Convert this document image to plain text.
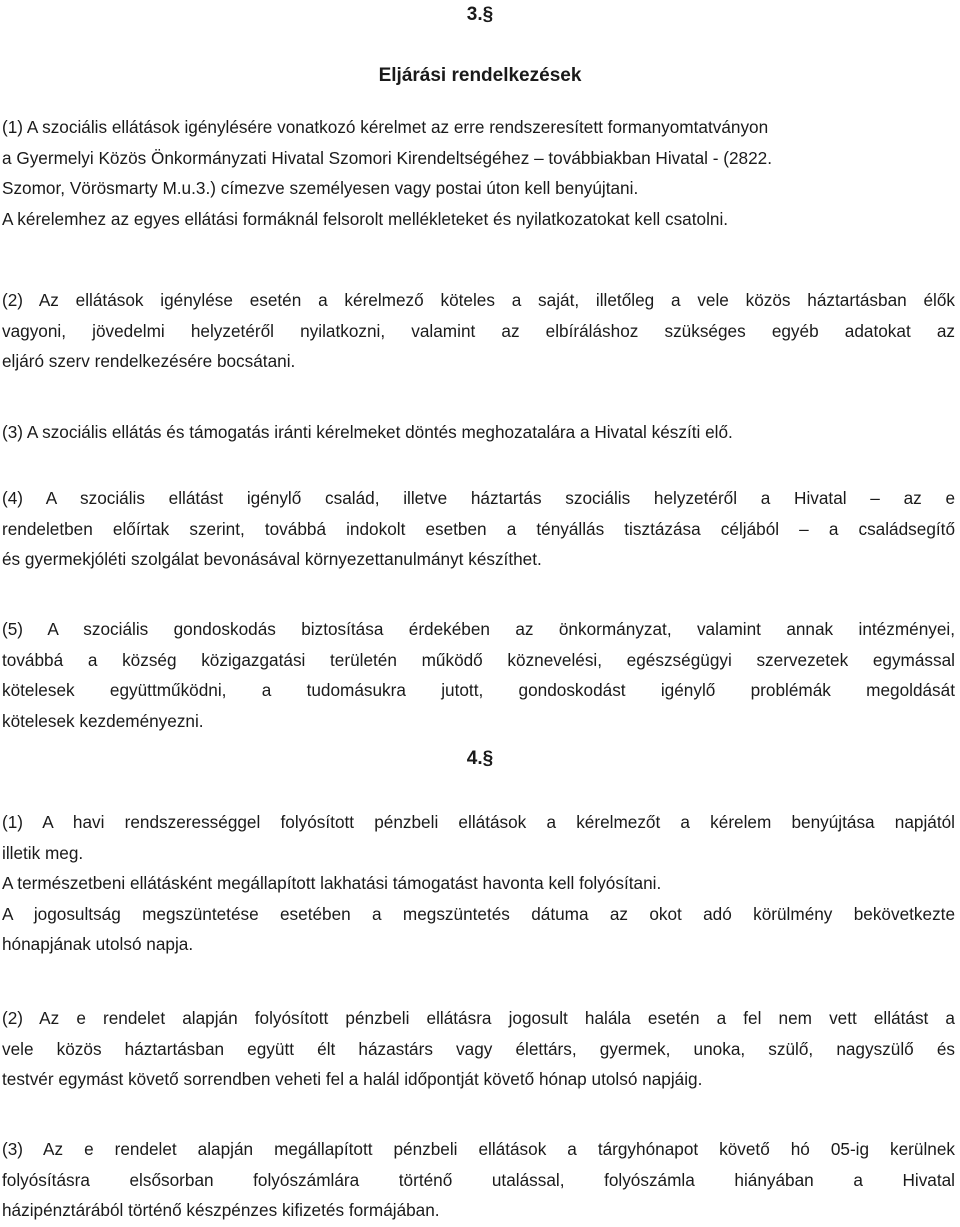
3.§
Eljárási rendelkezések

(1) A szociális ellátások igénylésére vonatkozó kérelmet az erre rendszeresített formanyomtatványon
a Gyermelyi Közös Önkormányzati Hivatal Szomori Kirendeltségéhez – továbbiakban Hivatal - (2822.
Szomor, Vörösmarty M.u.3.) címezve személyesen vagy postai úton kell benyújtani.
A kérelemhez az egyes ellátási formáknál felsorolt mellékleteket és nyilatkozatokat kell csatolni.

(2) Az ellátások igénylése esetén a kérelmező köteles a saját, illetőleg a vele közös háztartásban élők
vagyoni, jövedelmi helyzetéről nyilatkozni, valamint az elbíráláshoz szükséges egyéb adatokat az
eljáró szerv rendelkezésére bocsátani.

(3) A szociális ellátás és támogatás iránti kérelmeket döntés meghozatalára a Hivatal készíti elő.

(4) A szociális ellátást igénylő család, illetve háztartás szociális helyzetéről a Hivatal – az e
rendeletben előírtak szerint, továbbá indokolt esetben a tényállás tisztázása céljából – a családsegítő
és gyermekjóléti szolgálat bevonásával környezettanulmányt készíthet.

(5) A szociális gondoskodás biztosítása érdekében az önkormányzat, valamint annak intézményei,
továbbá a község közigazgatási területén működő köznevelési, egészségügyi szervezetek egymással
kötelesek együttműködni, a tudomásukra jutott, gondoskodást igénylő problémák megoldását
kötelesek kezdeményezni.

4.§

(1) A havi rendszerességgel folyósított pénzbeli ellátások a kérelmezőt a kérelem benyújtása napjától
illetik meg.
A természetbeni ellátásként megállapított lakhatási támogatást havonta kell folyósítani.
A jogosultság megszüntetése esetében a megszüntetés dátuma az okot adó körülmény bekövetkezte
hónapjának utolsó napja.

(2) Az e rendelet alapján folyósított pénzbeli ellátásra jogosult halála esetén a fel nem vett ellátást a
vele közös háztartásban együtt élt házastárs vagy élettárs, gyermek, unoka, szülő, nagyszülő és
testvér egymást követő sorrendben veheti fel a halál időpontját követő hónap utolsó napjáig.

(3) Az e rendelet alapján megállapított pénzbeli ellátások a tárgyhónapot követő hó 05-ig kerülnek
folyósításra elsősorban folyószámlára történő utalással, folyószámla hiányában a Hivatal
házipénztárából történő készpénzes kifizetés formájában.
